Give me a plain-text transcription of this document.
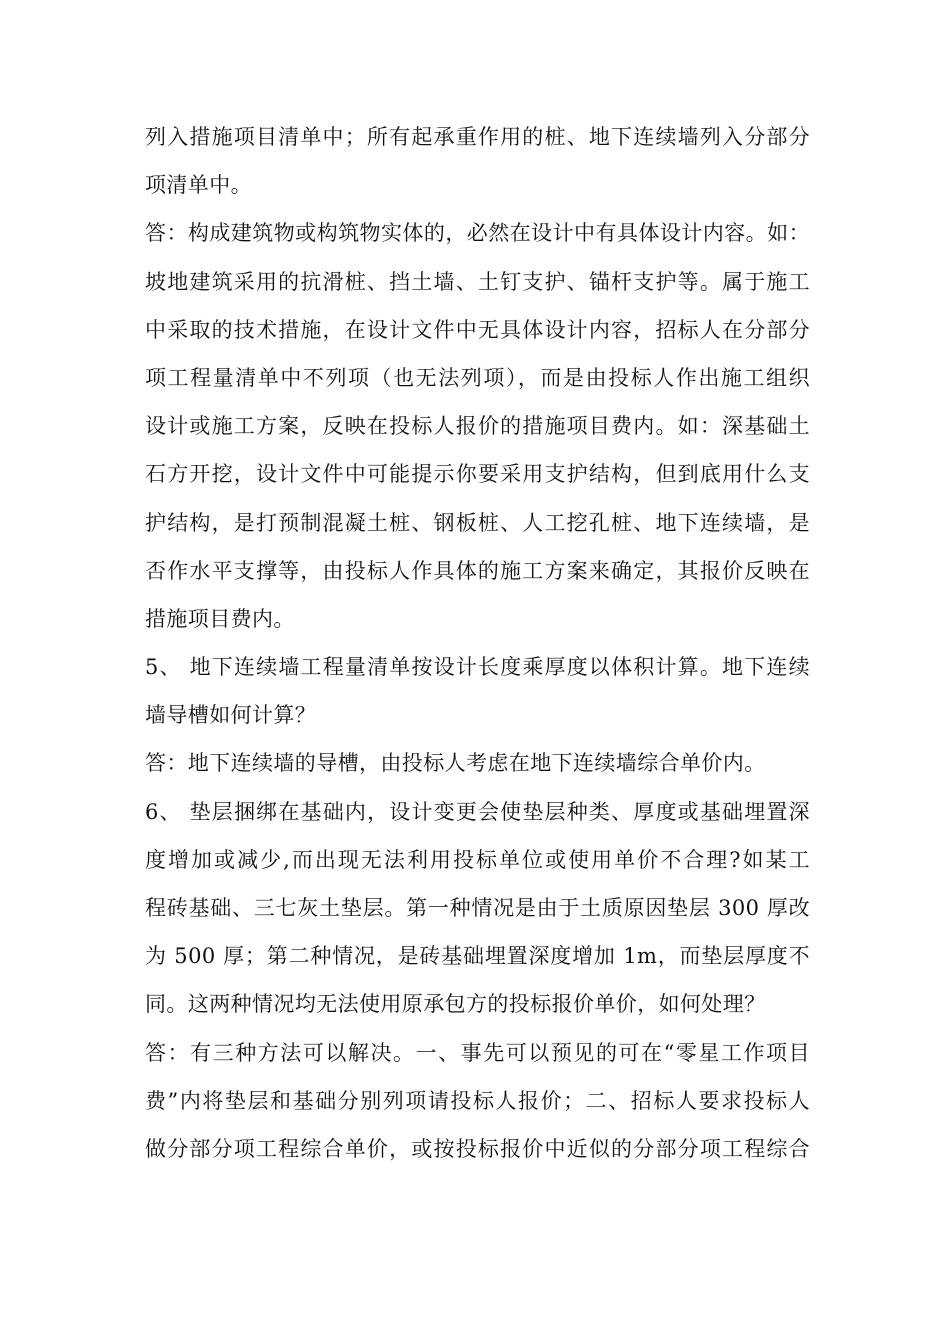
列入措施项目清单中；所有起承重作用的桩、地下连续墙列入分部分
项清单中。
答：构成建筑物或构筑物实体的，必然在设计中有具体设计内容。如：
坡地建筑采用的抗滑桩、挡土墙、土钉支护、锚杆支护等。属于施工
中采取的技术措施，在设计文件中无具体设计内容，招标人在分部分
项工程量清单中不列项（也无法列项），而是由投标人作出施工组织
设计或施工方案，反映在投标人报价的措施项目费内。如：深基础土
石方开挖，设计文件中可能提示你要采用支护结构，但到底用什么支
护结构，是打预制混凝土桩、钢板桩、人工挖孔桩、地下连续墙，是
否作水平支撑等，由投标人作具体的施工方案来确定，其报价反映在
措施项目费内。
5、 地下连续墙工程量清单按设计长度乘厚度以体积计算。地下连续
墙导槽如何计算？
答：地下连续墙的导槽，由投标人考虑在地下连续墙综合单价内。
6、 垫层捆绑在基础内，设计变更会使垫层种类、厚度或基础埋置深
度增加或减少,而出现无法利用投标单位或使用单价不合理?如某工
程砖基础、三七灰土垫层。第一种情况是由于土质原因垫层 300 厚改
为 500 厚；第二种情况，是砖基础埋置深度增加 1m，而垫层厚度不
同。这两种情况均无法使用原承包方的投标报价单价，如何处理？
答：有三种方法可以解决。一、事先可以预见的可在“零星工作项目
费”内将垫层和基础分别列项请投标人报价；二、招标人要求投标人
做分部分项工程综合单价，或按投标报价中近似的分部分项工程综合
